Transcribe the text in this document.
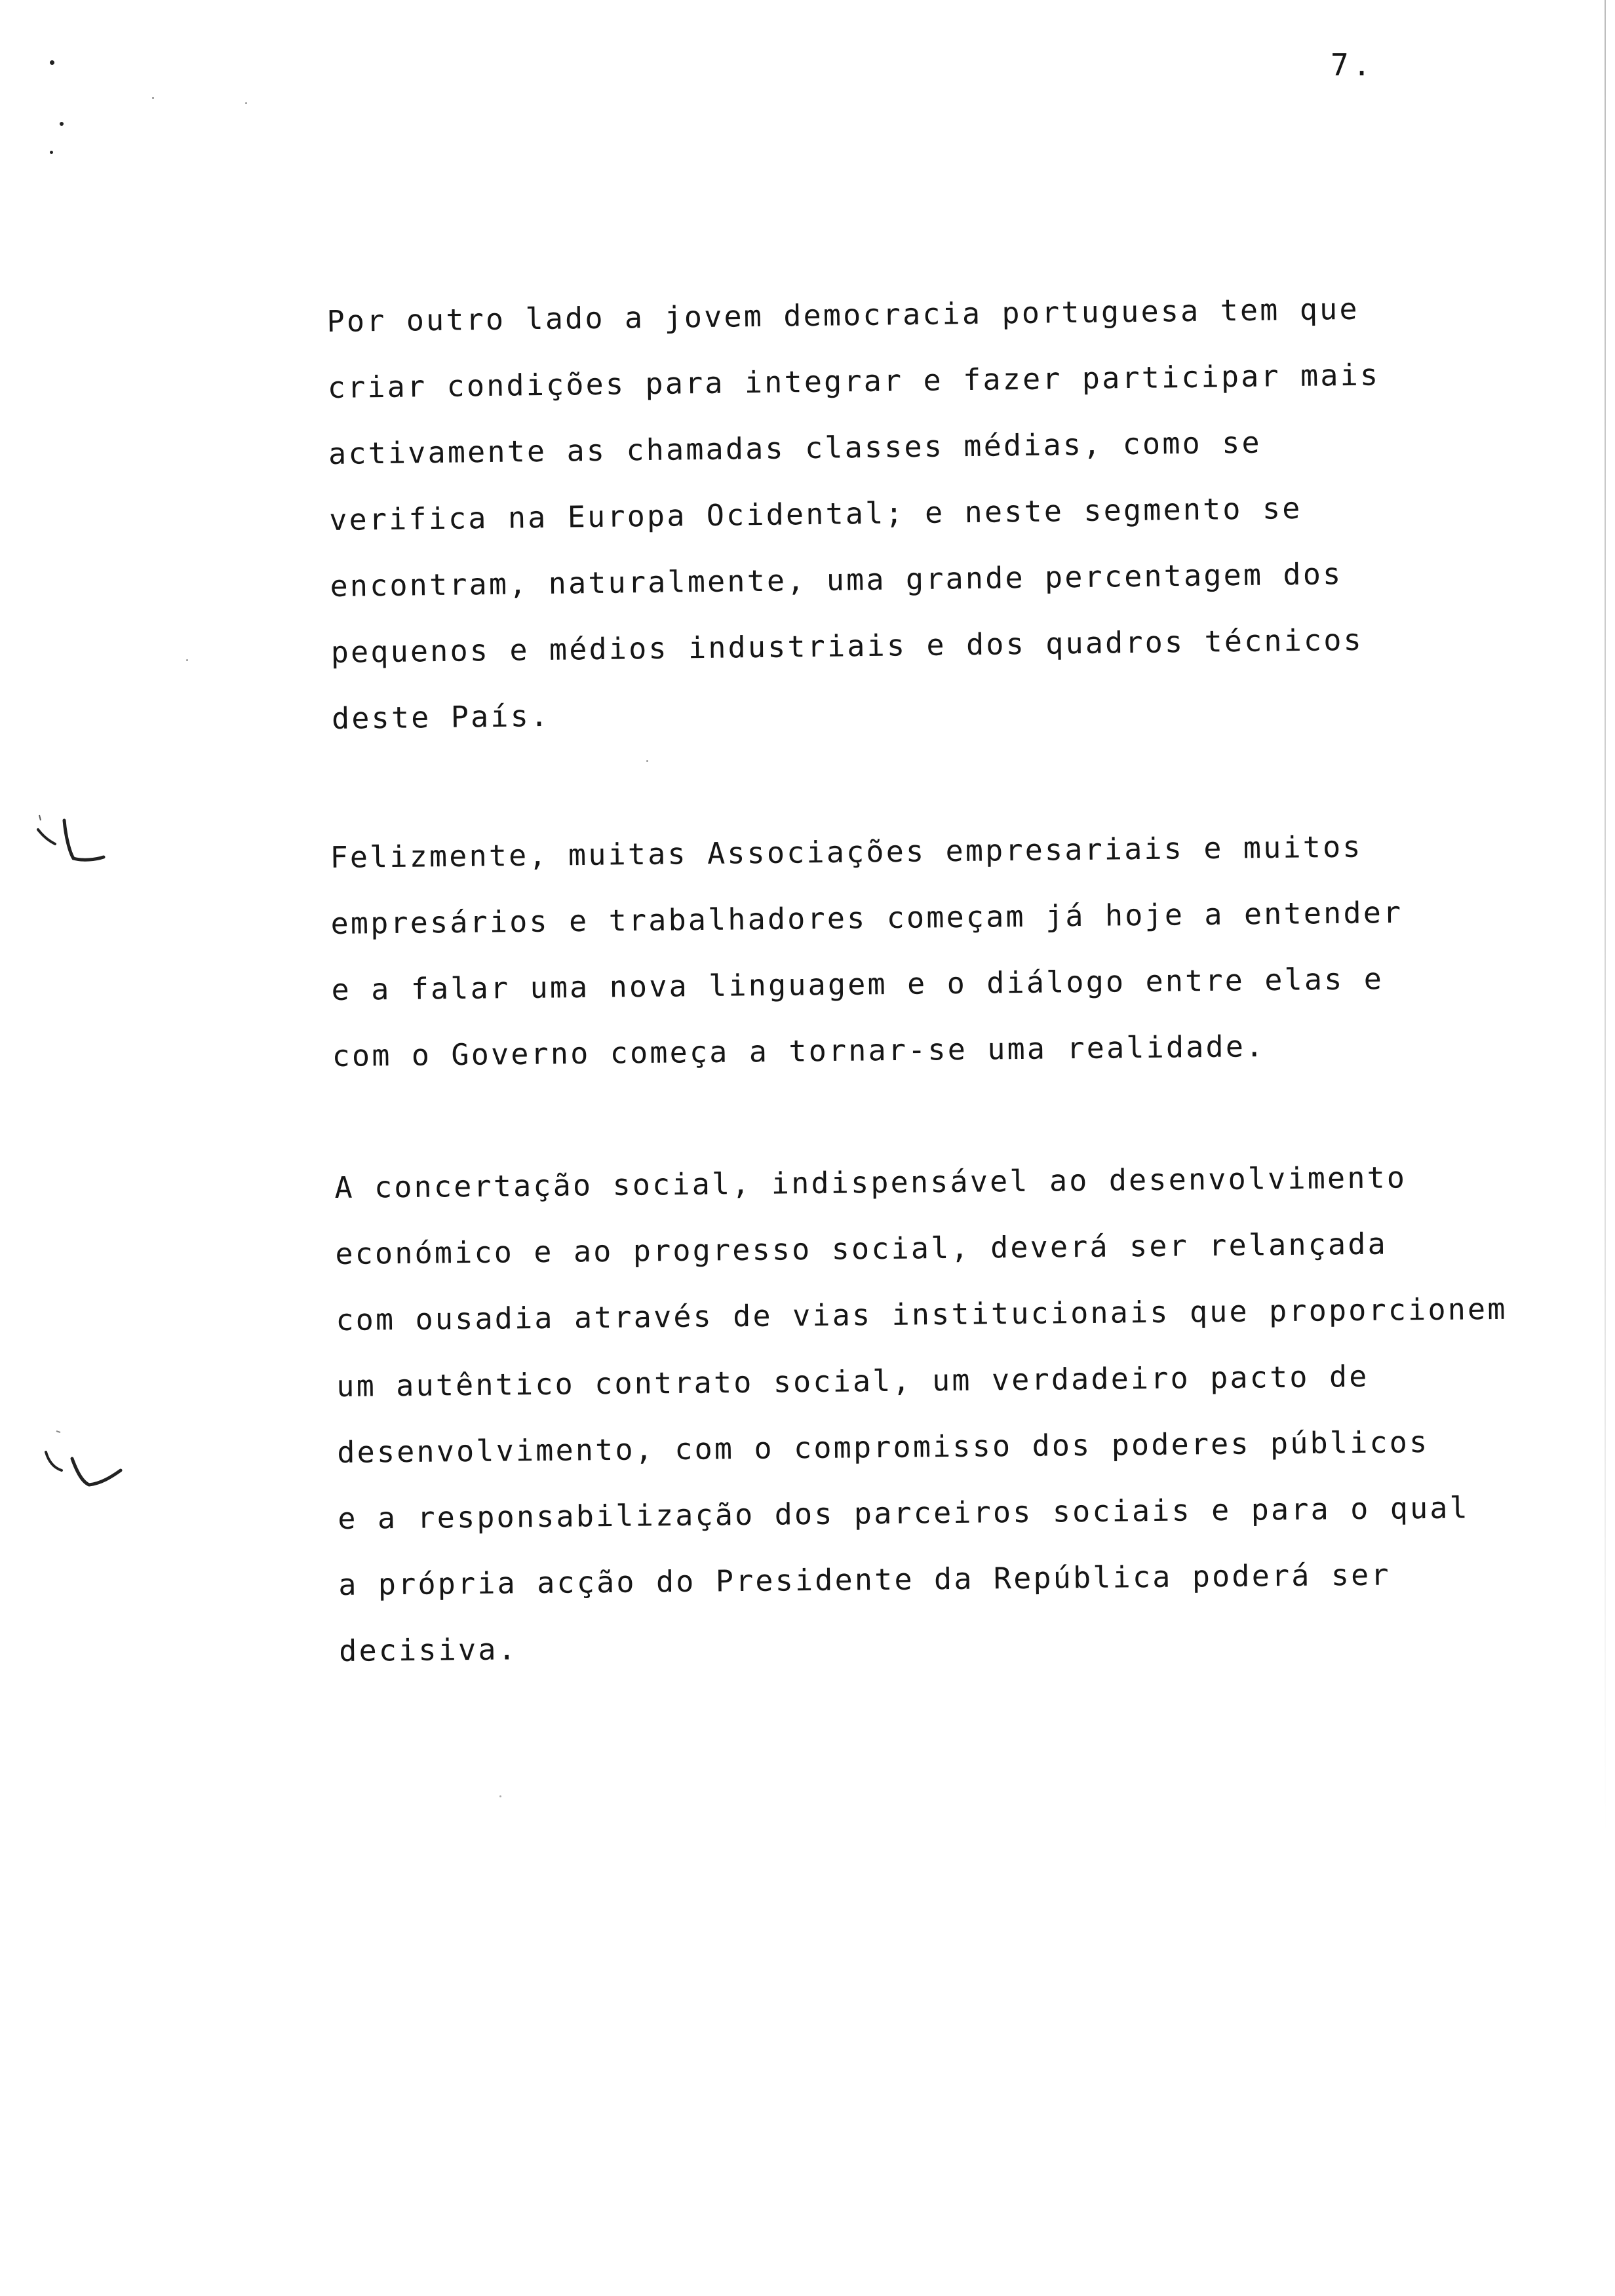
7.

Por outro lado a jovem democracia portuguesa tem que
criar condições para integrar e fazer participar mais
activamente as chamadas classes médias, como se
verifica na Europa Ocidental; e neste segmento se
encontram, naturalmente, uma grande percentagem dos
pequenos e médios industriais e dos quadros técnicos
deste País.

Felizmente, muitas Associações empresariais e muitos
empresários e trabalhadores começam já hoje a entender
e a falar uma nova linguagem e o diálogo entre elas e
com o Governo começa a tornar-se uma realidade.

A concertação social, indispensável ao desenvolvimento
económico e ao progresso social, deverá ser relançada
com ousadia através de vias institucionais que proporcionem
um autêntico contrato social, um verdadeiro pacto de
desenvolvimento, com o compromisso dos poderes públicos
e a responsabilização dos parceiros sociais e para o qual
a própria acção do Presidente da República poderá ser
decisiva.
